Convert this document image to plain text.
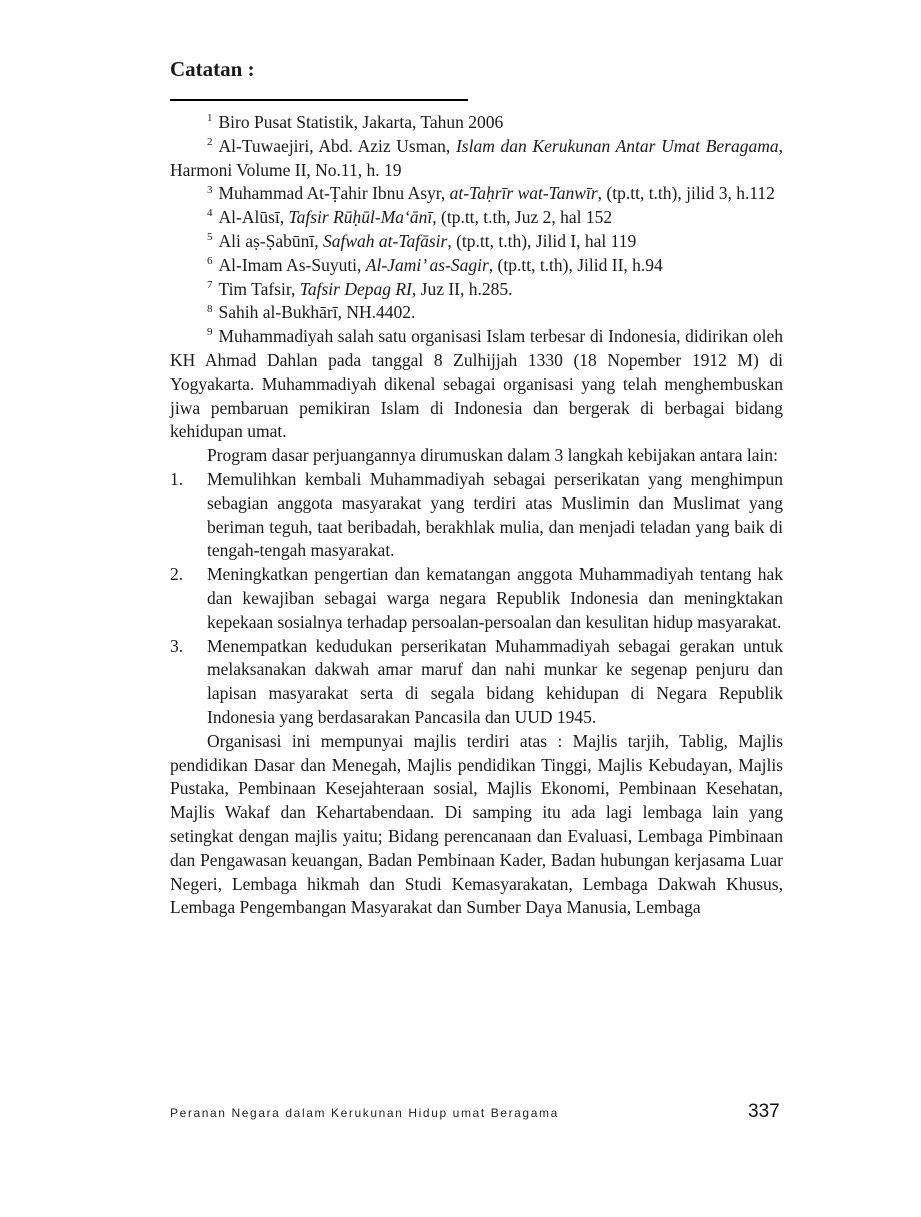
Catatan :

$^1$ Biro Pusat Statistik, Jakarta, Tahun 2006

$^2$ Al-Tuwaejiri, Abd. Aziz Usman, Islam dan Kerukunan Antar Umat Beragama, Harmoni Volume II, No.11, h. 19

$^3$ Muhammad At-Ṭahir Ibnu Asyr, at-Taḥrīr wat-Tanwīr, (tp.tt, t.th), jilid 3, h.112

$^4$ Al-Alūsī, Tafsir Rūḥūl-Ma‘ānī, (tp.tt, t.th, Juz 2, hal 152

$^5$ Ali aṣ-Ṣabūnī, Safwah at-Tafāsir, (tp.tt, t.th), Jilid I, hal 119

$^6$ Al-Imam As-Suyuti, Al-Jami’ as-Sagir, (tp.tt, t.th), Jilid II, h.94

$^7$ Tim Tafsir, Tafsir Depag RI, Juz II, h.285.

$^8$ Sahih al-Bukhārī, NH.4402.

$^9$ Muhammadiyah salah satu organisasi Islam terbesar di Indonesia, didirikan oleh KH Ahmad Dahlan pada tanggal 8 Zulhijjah 1330 (18 Nopember 1912 M) di Yogyakarta. Muhammadiyah dikenal sebagai organisasi yang telah menghembuskan jiwa pembaruan pemikiran Islam di Indonesia dan bergerak di berbagai bidang kehidupan umat.

Program dasar perjuangannya dirumuskan dalam 3 langkah kebijakan antara lain:

1. Memulihkan kembali Muhammadiyah sebagai perserikatan yang menghimpun sebagian anggota masyarakat yang terdiri atas Muslimin dan Muslimat yang beriman teguh, taat beribadah, berakhlak mulia, dan menjadi teladan yang baik di tengah-tengah masyarakat.
2. Meningkatkan pengertian dan kematangan anggota Muhammadiyah tentang hak dan kewajiban sebagai warga negara Republik Indonesia dan meningktakan kepekaan sosialnya terhadap persoalan-persoalan dan kesulitan hidup masyarakat.
3. Menempatkan kedudukan perserikatan Muhammadiyah sebagai gerakan untuk melaksanakan dakwah amar maruf dan nahi munkar ke segenap penjuru dan lapisan masyarakat serta di segala bidang kehidupan di Negara Republik Indonesia yang berdasarakan Pancasila dan UUD 1945.

Organisasi ini mempunyai majlis terdiri atas : Majlis tarjih, Tablig, Majlis pendidikan Dasar dan Menegah, Majlis pendidikan Tinggi, Majlis Kebudayan, Majlis Pustaka, Pembinaan Kesejahteraan sosial, Majlis Ekonomi, Pembinaan Kesehatan, Majlis Wakaf dan Kehartabendaan. Di samping itu ada lagi lembaga lain yang setingkat dengan majlis yaitu; Bidang perencanaan dan Evaluasi, Lembaga Pimbinaan dan Pengawasan keuangan, Badan Pembinaan Kader, Badan hubungan kerjasama Luar Negeri, Lembaga hikmah dan Studi Kemasyarakatan, Lembaga Dakwah Khusus, Lembaga Pengembangan Masyarakat dan Sumber Daya Manusia, Lembaga

Peranan Negara dalam Kerukunan Hidup umat Beragama	337
